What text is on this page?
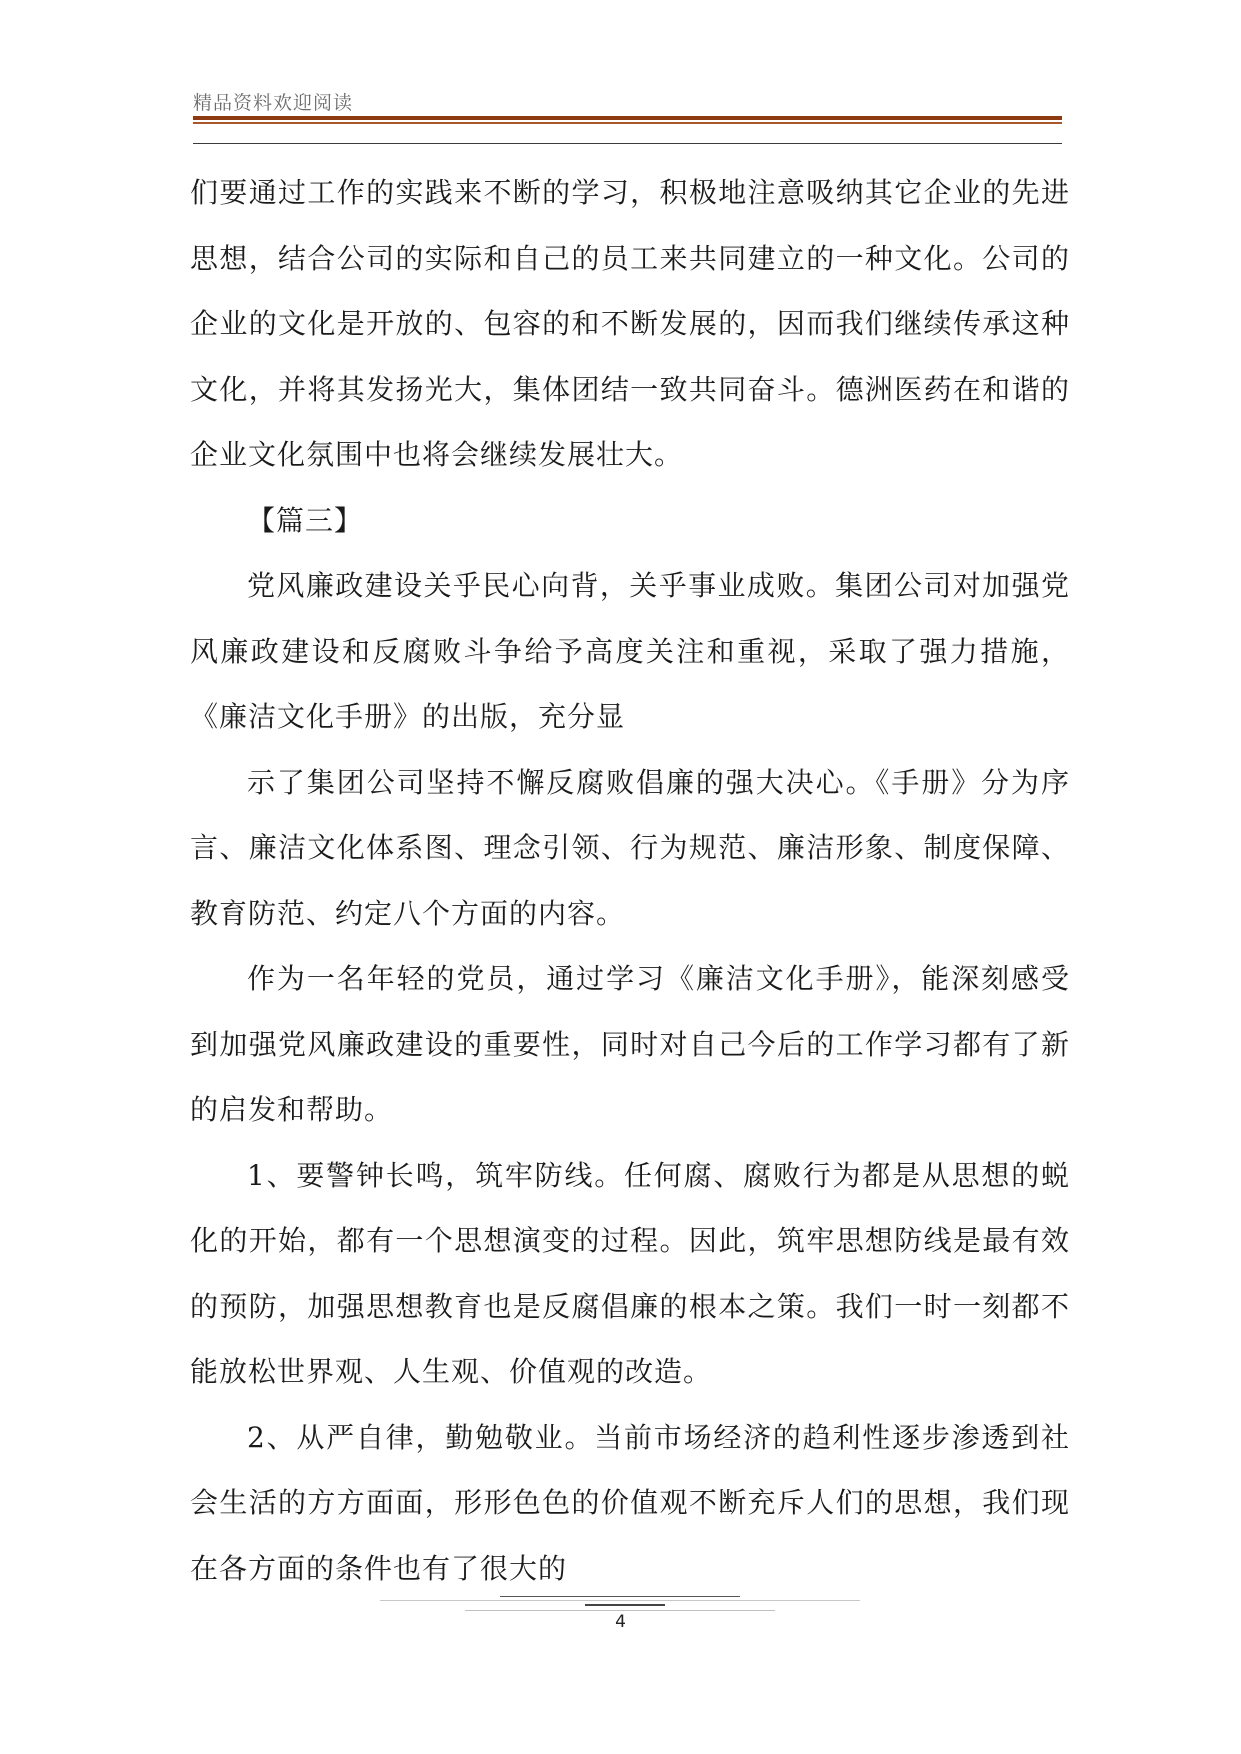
精品资料欢迎阅读

们要通过工作的实践来不断的学习，积极地注意吸纳其它企业的先进思想，结合公司的实际和自己的员工来共同建立的一种文化。公司的企业的文化是开放的、包容的和不断发展的，因而我们继续传承这种文化，并将其发扬光大，集体团结一致共同奋斗。德洲医药在和谐的企业文化氛围中也将会继续发展壮大。

【篇三】

党风廉政建设关乎民心向背，关乎事业成败。集团公司对加强党风廉政建设和反腐败斗争给予高度关注和重视，采取了强力措施，《廉洁文化手册》的出版，充分显

示了集团公司坚持不懈反腐败倡廉的强大决心。《手册》分为序言、廉洁文化体系图、理念引领、行为规范、廉洁形象、制度保障、教育防范、约定八个方面的内容。

作为一名年轻的党员，通过学习《廉洁文化手册》，能深刻感受到加强党风廉政建设的重要性，同时对自己今后的工作学习都有了新的启发和帮助。

1、要警钟长鸣，筑牢防线。任何腐、腐败行为都是从思想的蜕化的开始，都有一个思想演变的过程。因此，筑牢思想防线是最有效的预防，加强思想教育也是反腐倡廉的根本之策。我们一时一刻都不能放松世界观、人生观、价值观的改造。

2、从严自律，勤勉敬业。当前市场经济的趋利性逐步渗透到社会生活的方方面面，形形色色的价值观不断充斥人们的思想，我们现在各方面的条件也有了很大的

4
